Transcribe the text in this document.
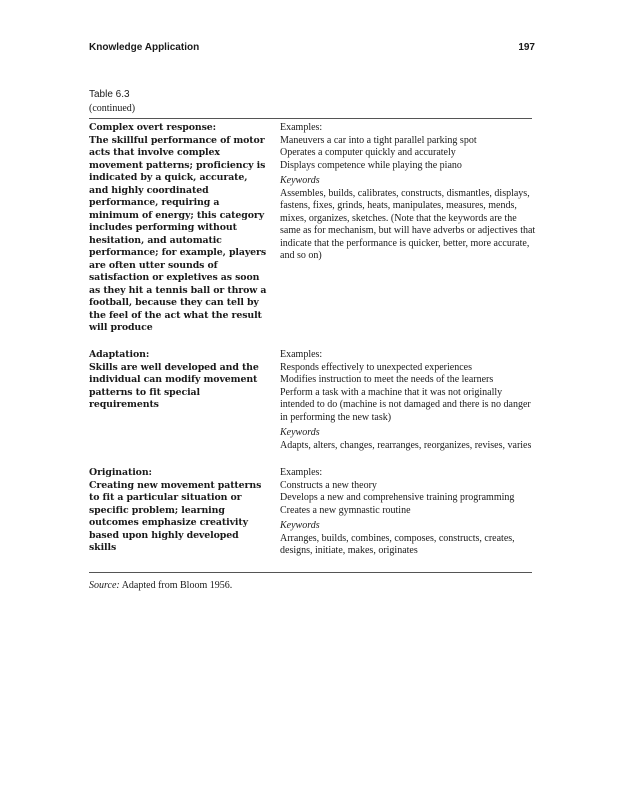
Knowledge Application	197
Table 6.3
(continued)
Complex overt response:
The skillful performance of motor acts that involve complex movement patterns; proficiency is indicated by a quick, accurate, and highly coordinated performance, requiring a minimum of energy; this category includes performing without hesitation, and automatic performance; for example, players are often utter sounds of satisfaction or expletives as soon as they hit a tennis ball or throw a football, because they can tell by the feel of the act what the result will produce

Examples:

Maneuvers a car into a tight parallel parking spot

Operates a computer quickly and accurately

Displays competence while playing the piano

Keywords

Assembles, builds, calibrates, constructs, dismantles, displays, fastens, fixes, grinds, heats, manipulates, measures, mends, mixes, organizes, sketches. (Note that the keywords are the same as for mechanism, but will have adverbs or adjectives that indicate that the performance is quicker, better, more accurate, and so on)

Adaptation:
Skills are well developed and the individual can modify movement patterns to fit special requirements

Examples:

Responds effectively to unexpected experiences

Modifies instruction to meet the needs of the learners

Perform a task with a machine that it was not originally intended to do (machine is not damaged and there is no danger in performing the new task)

Keywords

Adapts, alters, changes, rearranges, reorganizes, revises, varies

Origination:
Creating new movement patterns to fit a particular situation or specific problem; learning outcomes emphasize creativity based upon highly developed skills

Examples:

Constructs a new theory

Develops a new and comprehensive training programming

Creates a new gymnastic routine

Keywords

Arranges, builds, combines, composes, constructs, creates, designs, initiate, makes, originates

Source: Adapted from Bloom 1956.
